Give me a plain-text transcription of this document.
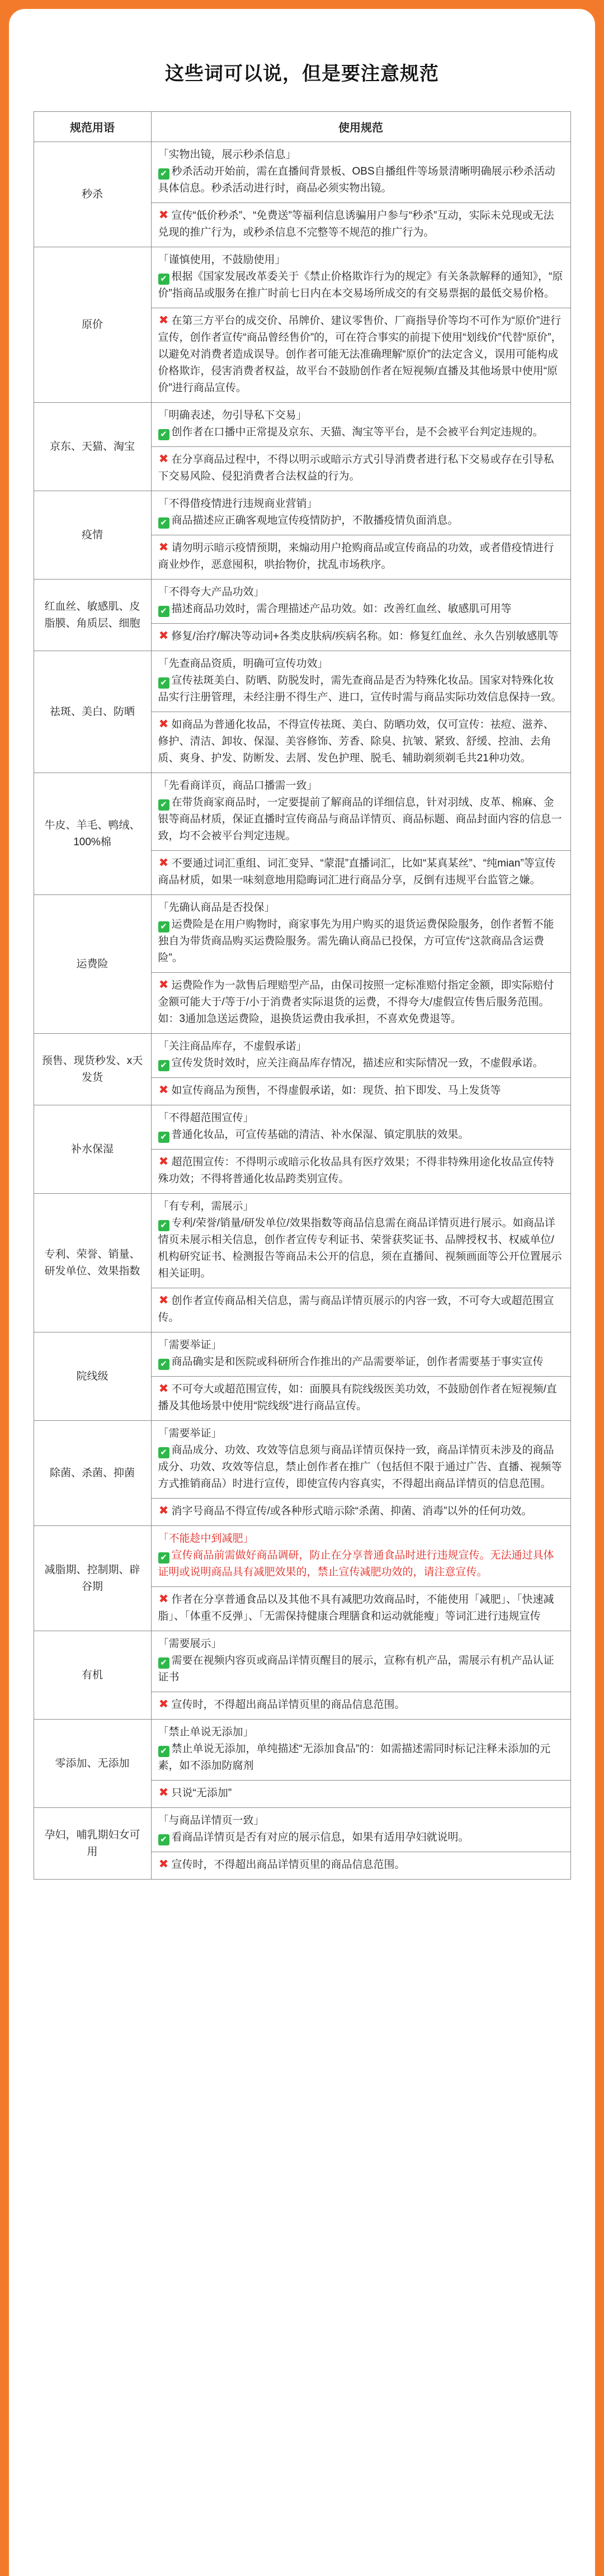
这些词可以说，但是要注意规范
规范用语	使用规范
秒杀	「实物出镜，展示秒杀信息」
✔ 秒杀活动开始前，需在直播间背景板、OBS自播组件等场景清晰明确展示秒杀活动具体信息。秒杀活动进行时，商品必须实物出镜。
✖ 宣传“低价秒杀”、“免费送”等福利信息诱骗用户参与“秒杀”互动，实际未兑现或无法兑现的推广行为，或秒杀信息不完整等不规范的推广行为。

原价	「谨慎使用，不鼓励使用」
✔ 根据《国家发展改革委关于《禁止价格欺诈行为的规定》有关条款解释的通知》，“原价”指商品或服务在推广时前七日内在本交易场所成交的有交易票据的最低交易价格。
✖ 在第三方平台的成交价、吊牌价、建议零售价、厂商指导价等均不可作为“原价”进行宣传，创作者宣传“商品曾经售价”的，可在符合事实的前提下使用“划线价”代替“原价”，以避免对消费者造成误导。创作者可能无法准确理解“原价”的法定含义，误用可能构成价格欺诈，侵害消费者权益，故平台不鼓励创作者在短视频/直播及其他场景中使用“原价”进行商品宣传。

京东、天猫、淘宝	「明确表述，勿引导私下交易」
✔ 创作者在口播中正常提及京东、天猫、淘宝等平台，是不会被平台判定违规的。
✖ 在分享商品过程中，不得以明示或暗示方式引导消费者进行私下交易或存在引导私下交易风险、侵犯消费者合法权益的行为。

疫情	「不得借疫情进行违规商业营销」
✔ 商品描述应正确客观地宣传疫情防护，不散播疫情负面消息。
✖ 请勿明示暗示疫情预期，来煽动用户抢购商品或宣传商品的功效，或者借疫情进行商业炒作，恶意囤积，哄抬物价，扰乱市场秩序。

红血丝、敏感肌、皮脂膜、角质层、细胞	「不得夸大产品功效」
✔ 描述商品功效时，需合理描述产品功效。如：改善红血丝、敏感肌可用等
✖ 修复/治疗/解决等动词+各类皮肤病/疾病名称。如：修复红血丝、永久告别敏感肌等

祛斑、美白、防晒	「先查商品资质，明确可宣传功效」
✔ 宣传祛斑美白、防晒、防脱发时，需先查商品是否为特殊化妆品。国家对特殊化妆品实行注册管理，未经注册不得生产、进口，宣传时需与商品实际功效信息保持一致。
✖ 如商品为普通化妆品，不得宣传祛斑、美白、防晒功效，仅可宣传：祛痘、滋养、修护、清洁、卸妆、保湿、美容修饰、芳香、除臭、抗皱、紧致、舒缓、控油、去角质、爽身、护发、防断发、去屑、发色护理、脱毛、辅助剃须剃毛共21种功效。

牛皮、羊毛、鸭绒、100%棉	「先看商详页，商品口播需一致」
✔ 在带货商家商品时，一定要提前了解商品的详细信息，针对羽绒、皮革、棉麻、金银等商品材质，保证直播时宣传商品与商品详情页、商品标题、商品封面内容的信息一致，均不会被平台判定违规。
✖ 不要通过词汇重组、词汇变异、“蒙混”直播词汇，比如“某真某丝”、“纯mian”等宣传商品材质，如果一味刻意地用隐晦词汇进行商品分享，反倒有违规平台监管之嫌。

运费险	「先确认商品是否投保」
✔ 运费险是在用户购物时，商家事先为用户购买的退货运费保险服务，创作者暂不能独自为带货商品购买运费险服务。需先确认商品已投保，方可宣传“这款商品含运费险”。
✖ 运费险作为一款售后理赔型产品，由保司按照一定标准赔付指定金额，即实际赔付金额可能大于/等于/小于消费者实际退货的运费，不得夸大/虚假宣传售后服务范围。如：3通加急送运费险，退换货运费由我承担，不喜欢免费退等。

预售、现货秒发、x天发货	「关注商品库存，不虚假承诺」
✔ 宣传发货时效时，应关注商品库存情况，描述应和实际情况一致，不虚假承诺。
✖ 如宣传商品为预售，不得虚假承诺，如：现货、拍下即发、马上发货等

补水保湿	「不得超范围宣传」
✔ 普通化妆品，可宣传基础的清洁、补水保湿、镇定肌肤的效果。
✖ 超范围宣传：不得明示或暗示化妆品具有医疗效果；不得非特殊用途化妆品宣传特殊功效；不得将普通化妆品跨类别宣传。

专利、荣誉、销量、研发单位、效果指数	「有专利，需展示」
✔ 专利/荣誉/销量/研发单位/效果指数等商品信息需在商品详情页进行展示。如商品详情页未展示相关信息，创作者宣传专利证书、荣誉获奖证书、品牌授权书、权威单位/机构研究证书、检测报告等商品未公开的信息，须在直播间、视频画面等公开位置展示相关证明。
✖ 创作者宣传商品相关信息，需与商品详情页展示的内容一致，不可夸大或超范围宣传。

院线级	「需要举证」
✔ 商品确实是和医院或科研所合作推出的产品需要举证，创作者需要基于事实宣传
✖ 不可夸大或超范围宣传，如：面膜具有院线级医美功效，不鼓励创作者在短视频/直播及其他场景中使用“院线级”进行商品宣传。

除菌、杀菌、抑菌	「需要举证」
✔ 商品成分、功效、攻效等信息须与商品详情页保持一致，商品详情页未涉及的商品成分、功效、攻效等信息，禁止创作者在推广（包括但不限于通过广告、直播、视频等方式推销商品）时进行宣传，即使宣传内容真实，不得超出商品详情页的信息范围。
✖ 消字号商品不得宣传/或各种形式暗示除“杀菌、抑菌、消毒”以外的任何功效。

减脂期、控制期、辟谷期	「不能趁中到减肥」
✔ 宣传商品前需做好商品调研，防止在分享普通食品时进行违规宣传。无法通过具体证明或说明商品具有减肥效果的，禁止宣传减肥功效的，请注意宣传。
✖ 作者在分享普通食品以及其他不具有减肥功效商品时，不能使用「减肥」、「快速减脂」、「体重不反弹」、「无需保持健康合理膳食和运动就能瘦」等词汇进行违规宣传

有机	「需要展示」
✔ 需要在视频内容页或商品详情页醒目的展示，宣称有机产品，需展示有机产品认证证书
✖ 宣传时，不得超出商品详情页里的商品信息范围。

零添加、无添加	「禁止单说无添加」
✔ 禁止单说无添加，单纯描述“无添加食品”的：如需描述需同时标记注释未添加的元素，如不添加防腐剂
✖ 只说“无添加”

孕妇，哺乳期妇女可用	「与商品详情页一致」
✔ 看商品详情页是否有对应的展示信息，如果有适用孕妇就说明。
✖ 宣传时，不得超出商品详情页里的商品信息范围。
